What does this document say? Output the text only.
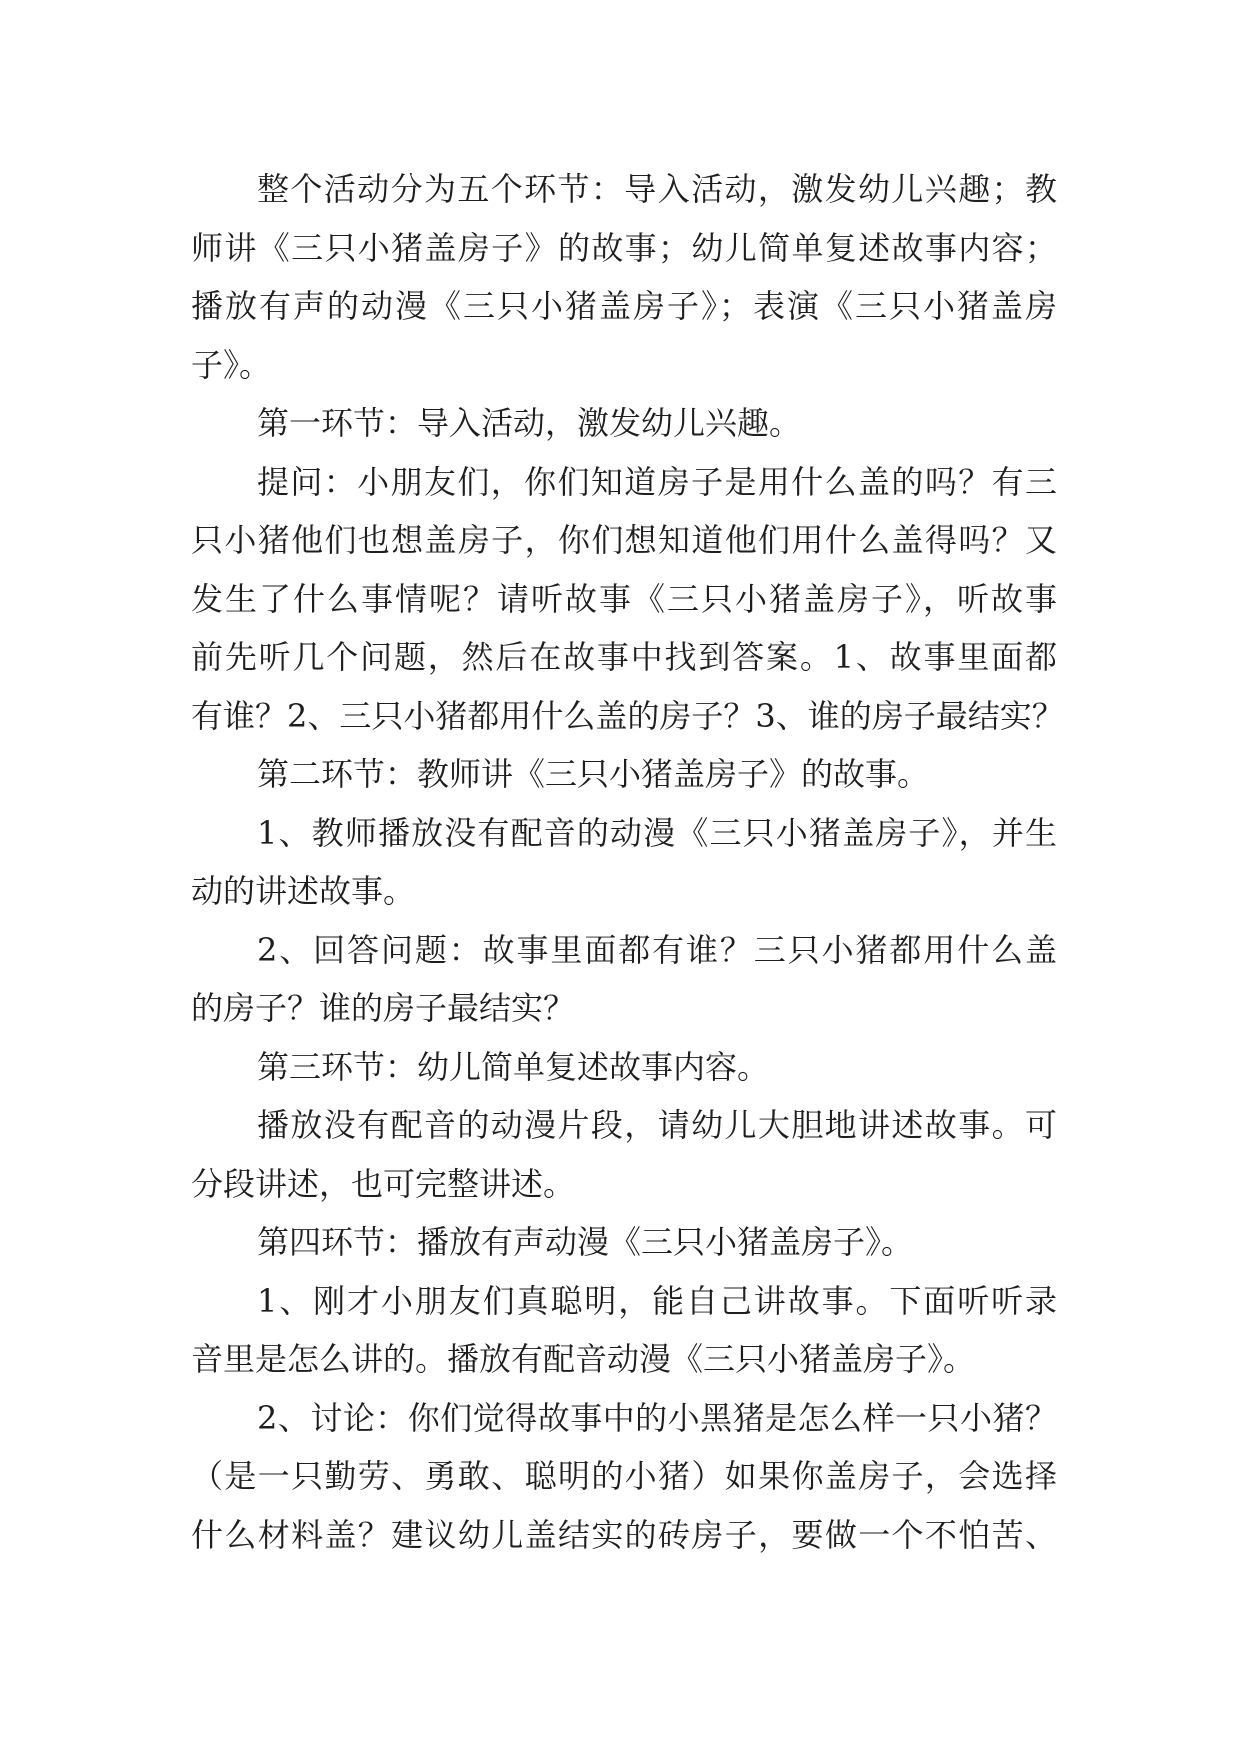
整个活动分为五个环节：导入活动，激发幼儿兴趣；教
师讲《三只小猪盖房子》的故事；幼儿简单复述故事内容；
播放有声的动漫《三只小猪盖房子》；表演《三只小猪盖房
子》。
第一环节：导入活动，激发幼儿兴趣。
提问：小朋友们，你们知道房子是用什么盖的吗？有三
只小猪他们也想盖房子，你们想知道他们用什么盖得吗？又
发生了什么事情呢？请听故事《三只小猪盖房子》，听故事
前先听几个问题，然后在故事中找到答案。1、故事里面都
有谁？2、三只小猪都用什么盖的房子？3、谁的房子最结实？
第二环节：教师讲《三只小猪盖房子》的故事。
1、教师播放没有配音的动漫《三只小猪盖房子》，并生
动的讲述故事。
2、回答问题：故事里面都有谁？三只小猪都用什么盖
的房子？谁的房子最结实？
第三环节：幼儿简单复述故事内容。
播放没有配音的动漫片段，请幼儿大胆地讲述故事。可
分段讲述，也可完整讲述。
第四环节：播放有声动漫《三只小猪盖房子》。
1、刚才小朋友们真聪明，能自己讲故事。下面听听录
音里是怎么讲的。播放有配音动漫《三只小猪盖房子》。
2、讨论：你们觉得故事中的小黑猪是怎么样一只小猪？
（是一只勤劳、勇敢、聪明的小猪）如果你盖房子，会选择
什么材料盖？建议幼儿盖结实的砖房子，要做一个不怕苦、
